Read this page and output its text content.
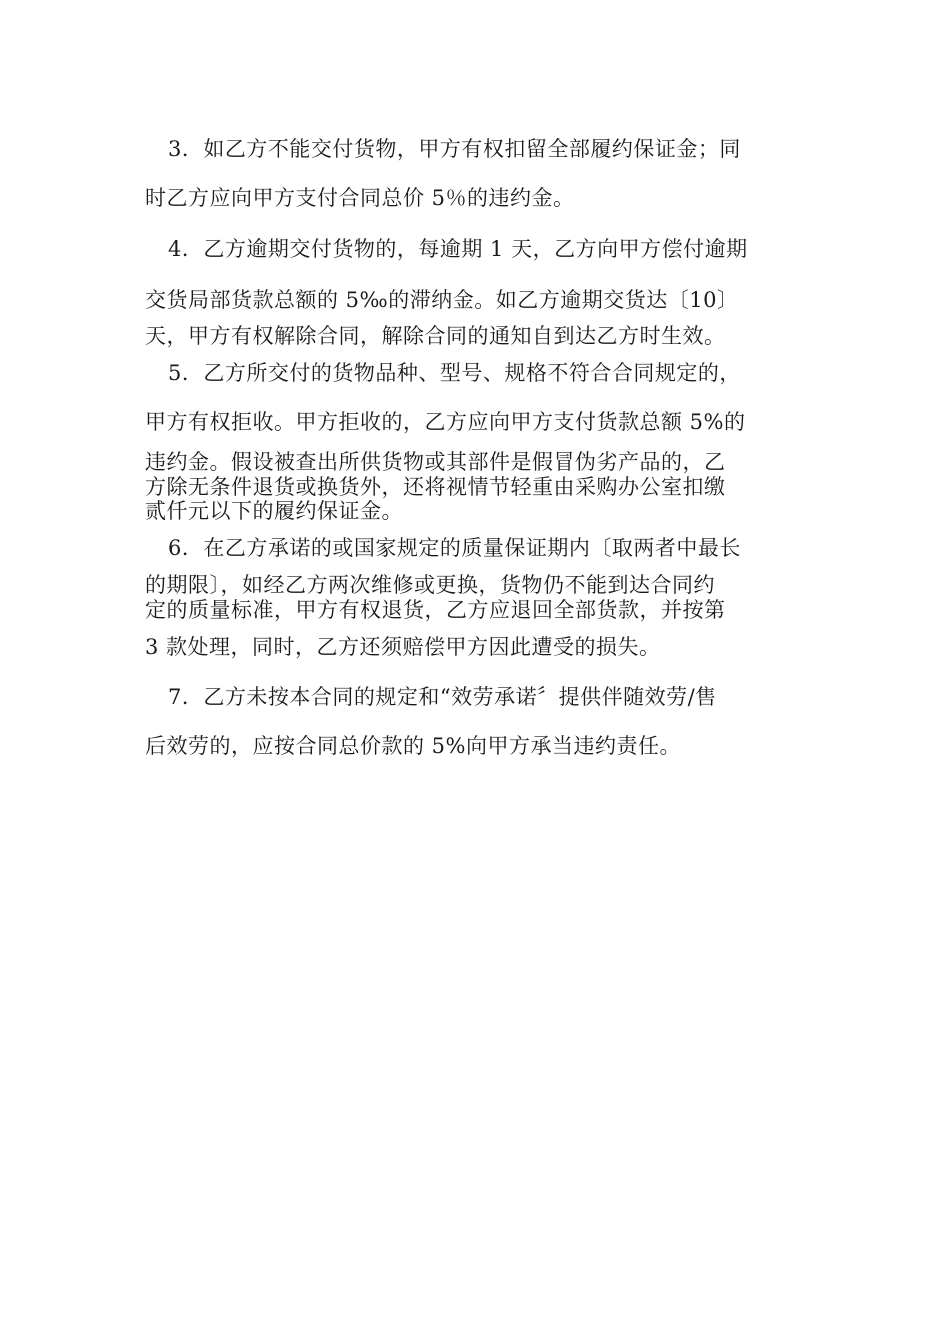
3．如乙方不能交付货物，甲方有权扣留全部履约保证金；同
时乙方应向甲方支付合同总价 5％的违约金。
4．乙方逾期交付货物的，每逾期 1 天，乙方向甲方偿付逾期
交货局部货款总额的 5‰的滞纳金。如乙方逾期交货达〔10〕
天，甲方有权解除合同，解除合同的通知自到达乙方时生效。
5．乙方所交付的货物品种、型号、规格不符合合同规定的，
甲方有权拒收。甲方拒收的，乙方应向甲方支付货款总额 5%的
违约金。假设被查出所供货物或其部件是假冒伪劣产品的，乙
方除无条件退货或换货外，还将视情节轻重由采购办公室扣缴
贰仟元以下的履约保证金。
6．在乙方承诺的或国家规定的质量保证期内〔取两者中最长
的期限〕，如经乙方两次维修或更换，货物仍不能到达合同约
定的质量标准，甲方有权退货，乙方应退回全部货款，并按第
3 款处理，同时，乙方还须赔偿甲方因此遭受的损失。
7．乙方未按本合同的规定和“效劳承诺〞提供伴随效劳/售
后效劳的，应按合同总价款的 5%向甲方承当违约责任。
